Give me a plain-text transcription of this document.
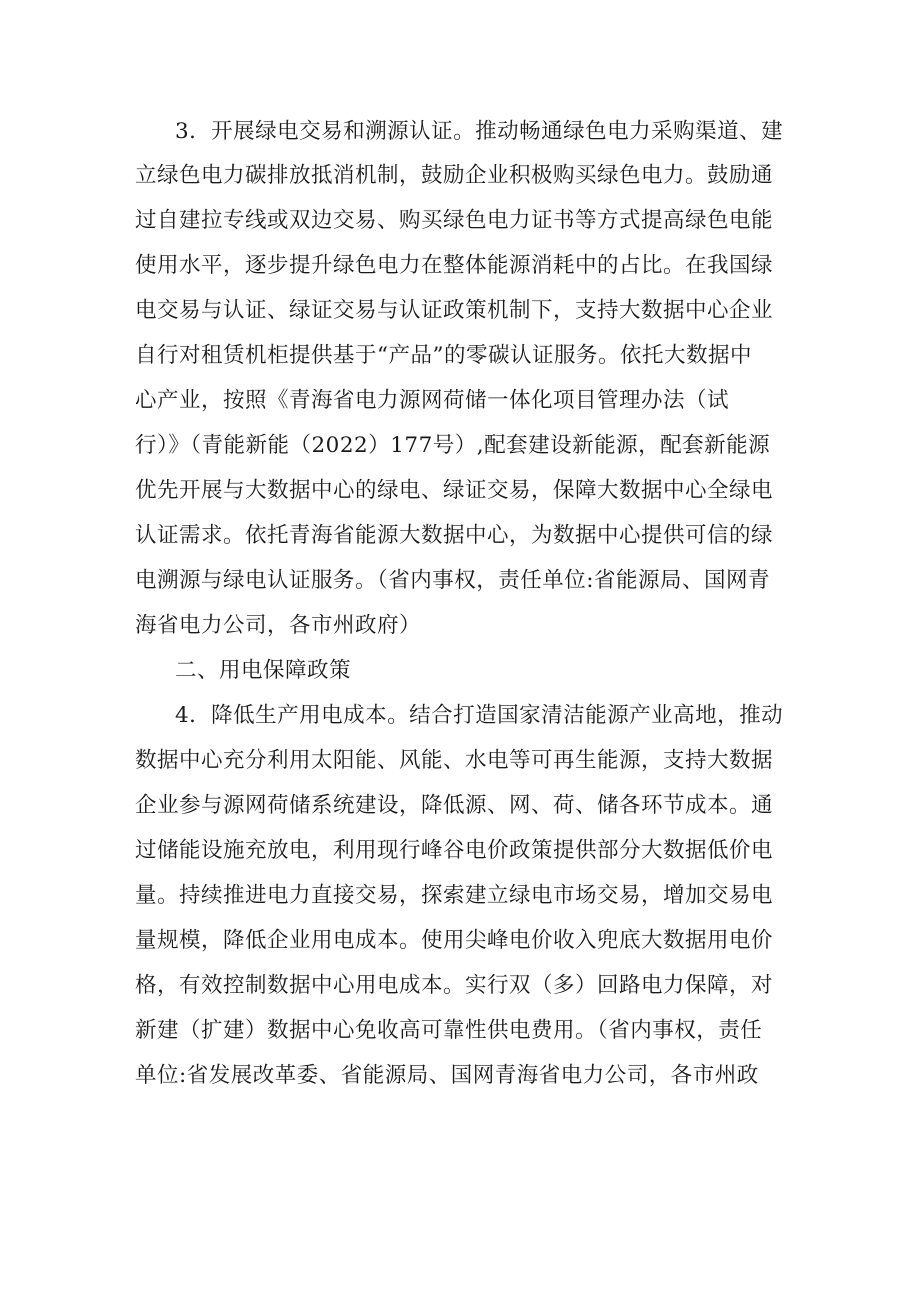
3．开展绿电交易和溯源认证。推动畅通绿色电力采购渠道、建
立绿色电力碳排放抵消机制，鼓励企业积极购买绿色电力。鼓励通
过自建拉专线或双边交易、购买绿色电力证书等方式提高绿色电能
使用水平，逐步提升绿色电力在整体能源消耗中的占比。在我国绿
电交易与认证、绿证交易与认证政策机制下，支持大数据中心企业
自行对租赁机柜提供基于“产品”的零碳认证服务。依托大数据中
心产业，按照《青海省电力源网荷储一体化项目管理办法（试
行）》（青能新能（2022）177号）,配套建设新能源，配套新能源
优先开展与大数据中心的绿电、绿证交易，保障大数据中心全绿电
认证需求。依托青海省能源大数据中心，为数据中心提供可信的绿
电溯源与绿电认证服务。（省内事权，责任单位:省能源局、国网青
海省电力公司，各市州政府）
二、用电保障政策
4．降低生产用电成本。结合打造国家清洁能源产业高地，推动
数据中心充分利用太阳能、风能、水电等可再生能源，支持大数据
企业参与源网荷储系统建设，降低源、网、荷、储各环节成本。通
过储能设施充放电，利用现行峰谷电价政策提供部分大数据低价电
量。持续推进电力直接交易，探索建立绿电市场交易，增加交易电
量规模，降低企业用电成本。使用尖峰电价收入兜底大数据用电价
格，有效控制数据中心用电成本。实行双（多）回路电力保障，对
新建（扩建）数据中心免收高可靠性供电费用。（省内事权，责任
单位:省发展改革委、省能源局、国网青海省电力公司，各市州政
